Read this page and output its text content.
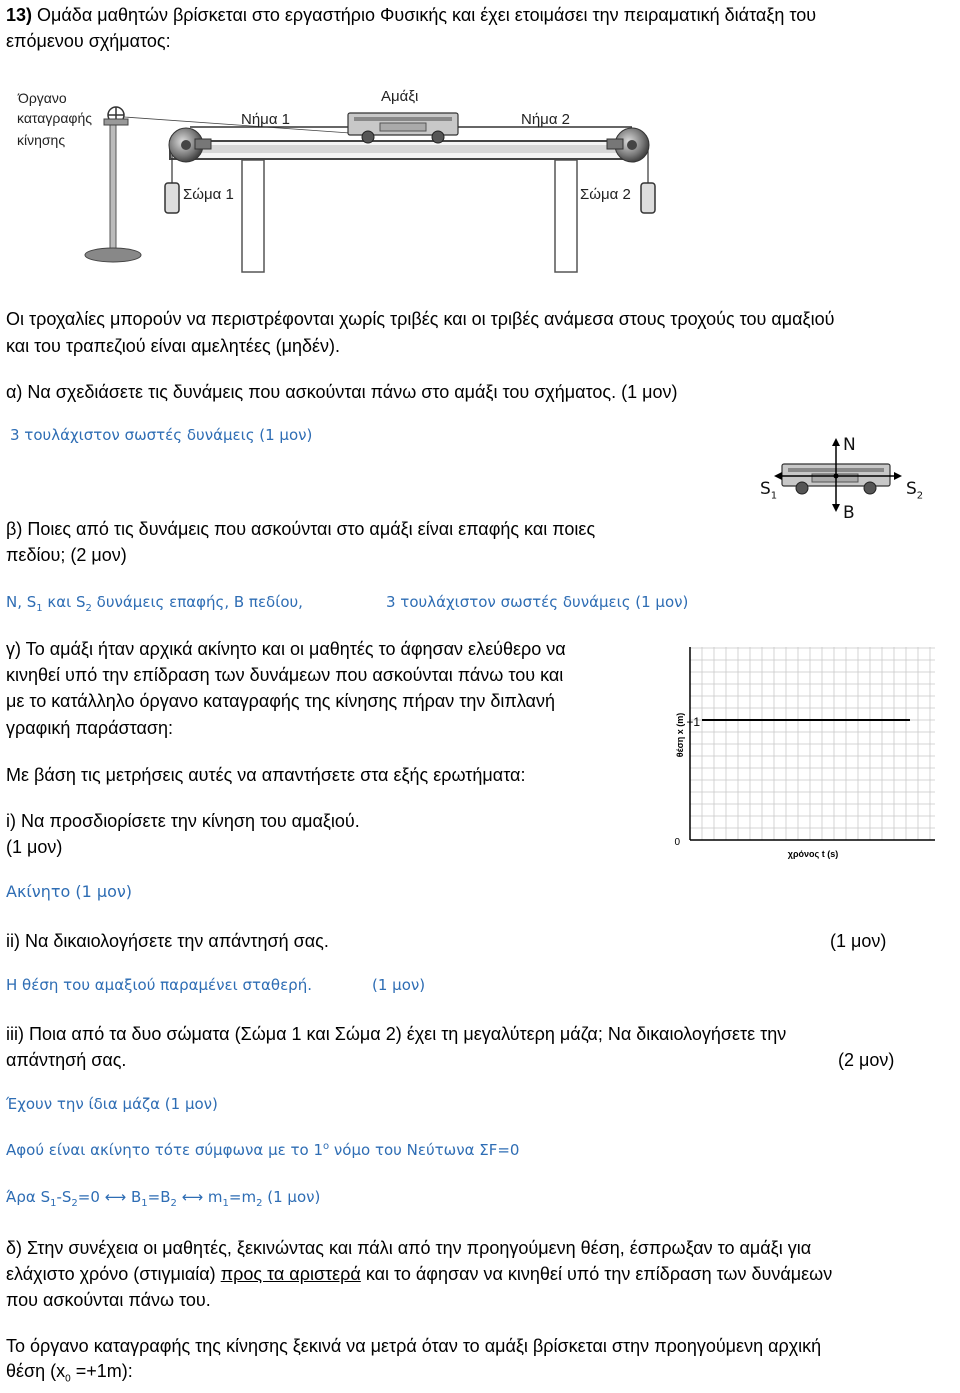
13) Ομάδα μαθητών βρίσκεται στο εργαστήριο Φυσικής και έχει ετοιμάσει την πειραματική διάταξη του
επόμενου σχήματος:
Όργανο
καταγραφής
κίνησης
Αμάξι
Νήμα 1	Νήμα 2
Σώμα 1	Σώμα 2
Οι τροχαλίες μπορούν να περιστρέφονται χωρίς τριβές και οι τριβές ανάμεσα στους τροχούς του αμαξιού
και του τραπεζιού είναι αμελητέες (μηδέν).
α) Να σχεδιάσετε τις δυνάμεις που ασκούνται πάνω στο αμάξι του σχήματος. (1 μον)
3 τουλάχιστον σωστές δυνάμεις (1 μον)	N
B
$S_1$	$S_2$
β) Ποιες από τις δυνάμεις που ασκούνται στο αμάξι είναι επαφής και ποιες
πεδίου; (2 μον)
N, $S_1$ και $S_2$ δυνάμεις επαφής, B πεδίου,	3 τουλάχιστον σωστές δυνάμεις (1 μον)
γ) Το αμάξι ήταν αρχικά ακίνητο και οι μαθητές το άφησαν ελεύθερο να
κινηθεί υπό την επίδραση των δυνάμεων που ασκούνται πάνω του και
με το κατάλληλο όργανο καταγραφής της κίνησης πήραν την διπλανή
γραφική παράσταση:
Με βάση τις μετρήσεις αυτές να απαντήσετε στα εξής ερωτήματα:
0
+1
θέση x (m)
χρόνος t (s)
i) Να προσδιορίσετε την κίνηση του αμαξιού.
(1 μον)
Ακίνητο (1 μον)
ii) Να δικαιολογήσετε την απάντησή σας.	(1 μον)
Η θέση του αμαξιού παραμένει σταθερή.	(1 μον)
iii) Ποια από τα δυο σώματα (Σώμα 1 και Σώμα 2) έχει τη μεγαλύτερη μάζα; Να δικαιολογήσετε την
απάντησή σας.	(2 μον)
Έχουν την ίδια μάζα (1 μον)
Αφού είναι ακίνητο τότε σύμφωνα με το $1^o$ νόμο του Νεύτωνα ΣF=0
Άρα $S_1-S_2=0$ ⟷ $B_1=B_2$ ⟷ $m_1=m_2$ (1 μον)
δ) Στην συνέχεια οι μαθητές, ξεκινώντας και πάλι από την προηγούμενη θέση, έσπρωξαν το αμάξι για
ελάχιστο χρόνο (στιγμιαία) προς τα αριστερά και το άφησαν να κινηθεί υπό την επίδραση των δυνάμεων
που ασκούνται πάνω του.
Το όργανο καταγραφής της κίνησης ξεκινά να μετρά όταν το αμάξι βρίσκεται στην προηγούμενη αρχική
θέση $(x_0 =+1m)$:
